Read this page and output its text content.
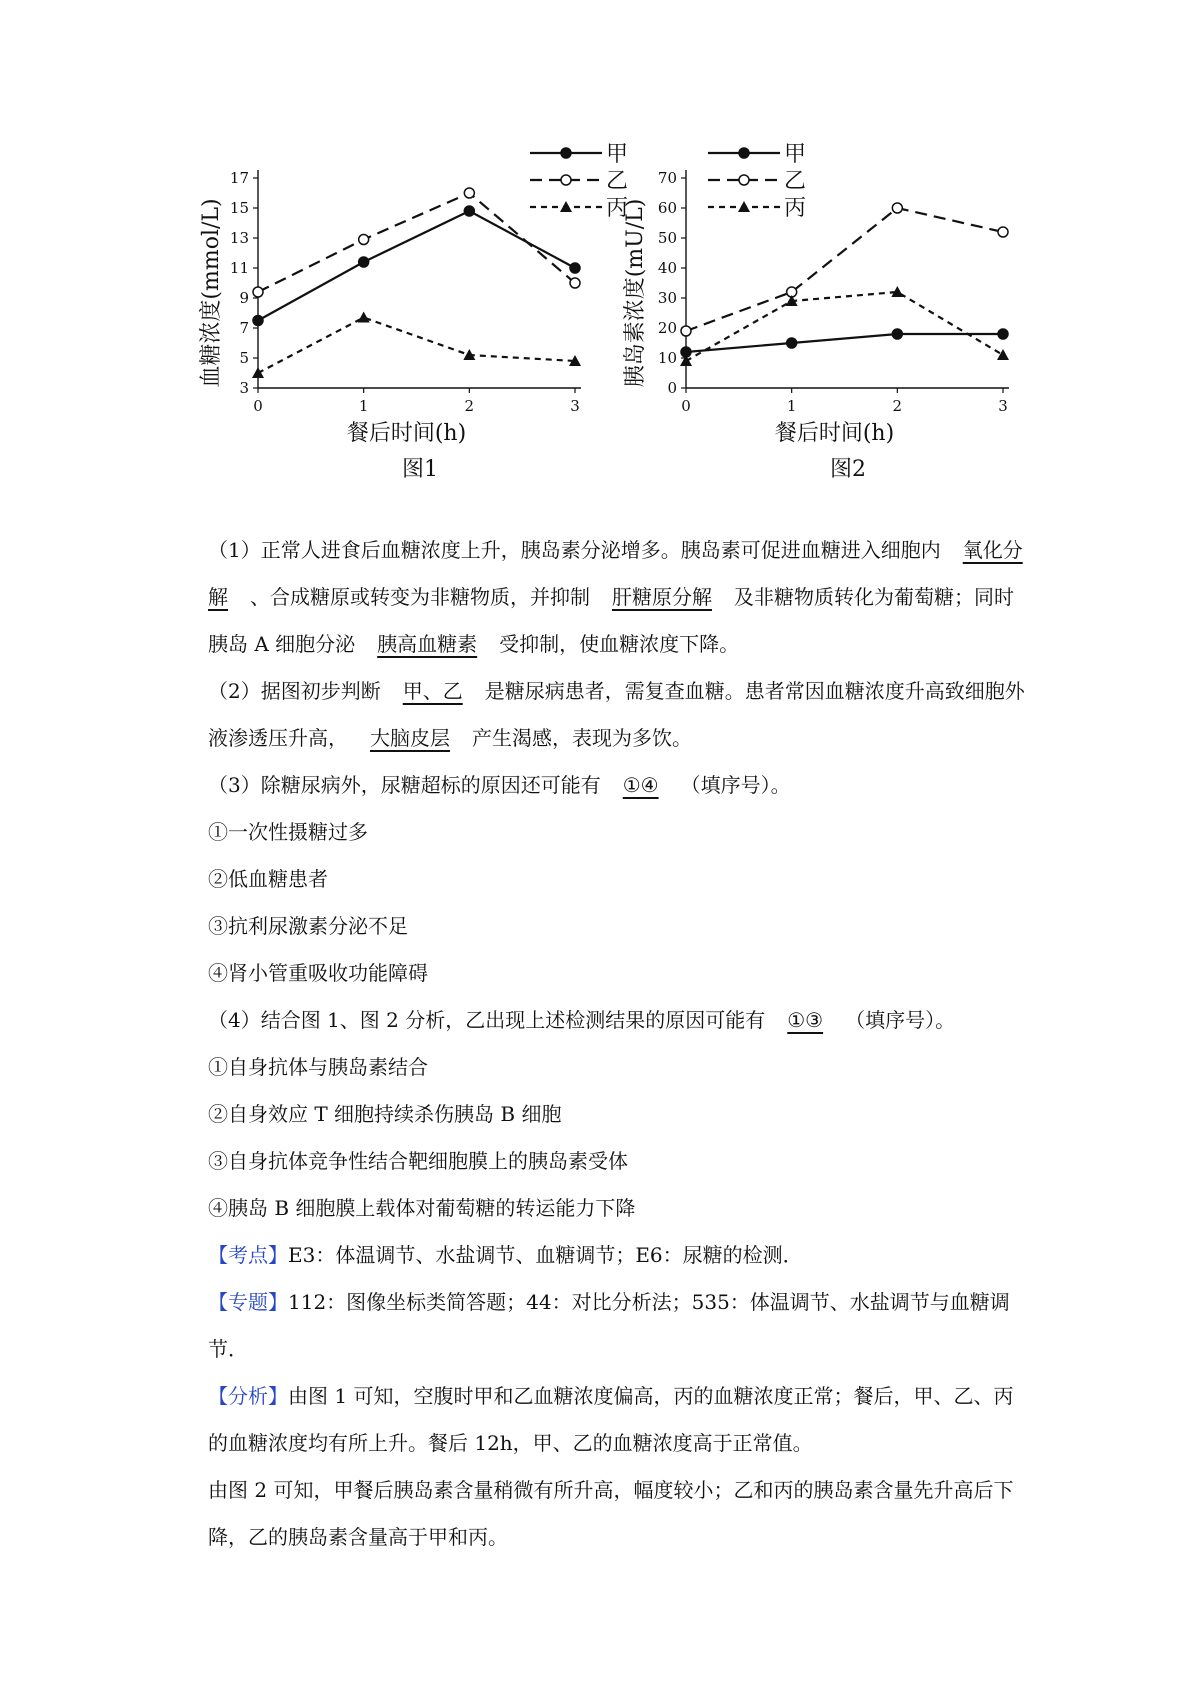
3
5
7
9
11
13
15
17
0	1	2	3
餐后时间(h)
血糖浓度(mmol/L)
图1
甲
乙
丙
0
10
20
30
40
50
60
70
0	1	2	3
餐后时间(h)
胰岛素浓度(mU/L)
图2
甲
乙
丙

（1）正常人进食后血糖浓度上升，胰岛素分泌增多。胰岛素可促进血糖进入细胞内 氧化分解 、合成糖原或转变为非糖物质，并抑制 肝糖原分解 及非糖物质转化为葡萄糖；同时胰岛 A 细胞分泌 胰高血糖素 受抑制，使血糖浓度下降。

（2）据图初步判断 甲、乙 是糖尿病患者，需复查血糖。患者常因血糖浓度升高致细胞外液渗透压升高， 大脑皮层 产生渴感，表现为多饮。

（3）除糖尿病外，尿糖超标的原因还可能有 ①④ （填序号）。

①一次性摄糖过多

②低血糖患者

③抗利尿激素分泌不足

④肾小管重吸收功能障碍

（4）结合图 1、图 2 分析，乙出现上述检测结果的原因可能有 ①③ （填序号）。

①自身抗体与胰岛素结合

②自身效应 T 细胞持续杀伤胰岛 B 细胞

③自身抗体竞争性结合靶细胞膜上的胰岛素受体

④胰岛 B 细胞膜上载体对葡萄糖的转运能力下降

【考点】E3：体温调节、水盐调节、血糖调节；E6：尿糖的检测．

【专题】112：图像坐标类简答题；44：对比分析法；535：体温调节、水盐调节与血糖调节．

【分析】由图 1 可知，空腹时甲和乙血糖浓度偏高，丙的血糖浓度正常；餐后，甲、乙、丙的血糖浓度均有所上升。餐后 12h，甲、乙的血糖浓度高于正常值。

由图 2 可知，甲餐后胰岛素含量稍微有所升高，幅度较小；乙和丙的胰岛素含量先升高后下降，乙的胰岛素含量高于甲和丙。
